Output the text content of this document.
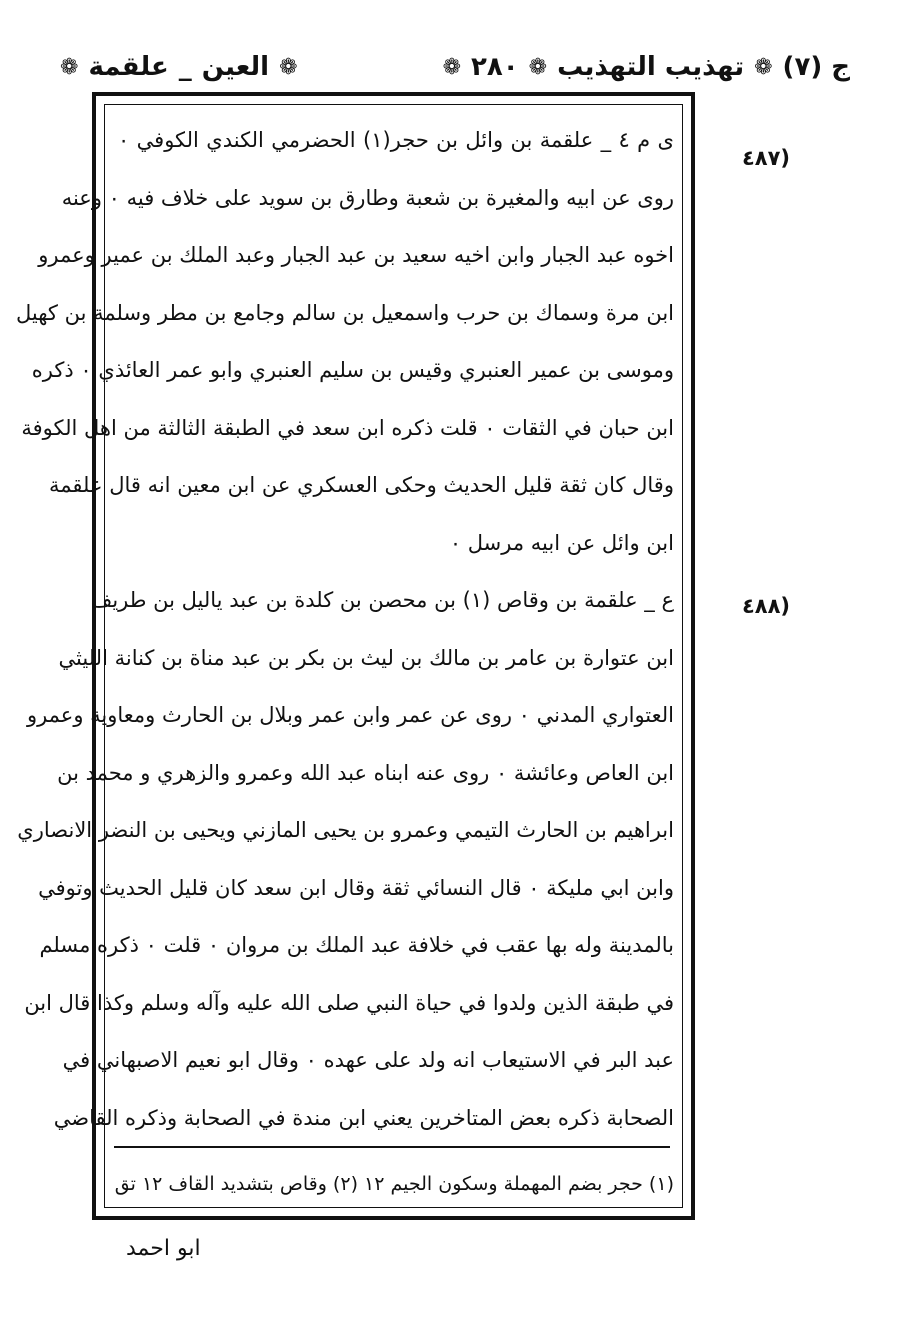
ج (٧)
❁
تهذيب التهذيب
❁
٢٨٠
❁
❁
العين
_
علقمة
❁
(٤٨٧
(٤٨٨
ى م ٤ _ علقمة بن وائل بن حجر(١) الحضرمي الكندي الكوفي ٠
روى عن ابيه والمغيرة بن شعبة وطارق بن سويد على خلاف فيه ٠ وعنه
اخوه عبد الجبار وابن اخيه سعيد بن عبد الجبار وعبد الملك بن عمير وعمرو
ابن مرة وسماك بن حرب واسمعيل بن سالم وجامع بن مطر وسلمة بن كهيل
وموسى بن عمير العنبري وقيس بن سليم العنبري وابو عمر العائذي ٠ ذكره
ابن حبان في الثقات ٠ قلت ذكره ابن سعد في الطبقة الثالثة من اهل الكوفة
وقال كان ثقة قليل الحديث وحكى العسكري عن ابن معين انه قال علقمة
ابن وائل عن ابيه مرسل ٠
ع _ علقمة بن وقاص (١) بن محصن بن كلدة بن عبد ياليل بن طريف
ابن عتوارة بن عامر بن مالك بن ليث بن بكر بن عبد مناة بن كنانة الليثي
العتواري المدني ٠ روى عن عمر وابن عمر وبلال بن الحارث ومعاوية وعمرو
ابن العاص وعائشة ٠ روى عنه ابناه عبد الله وعمرو والزهري و محمد بن
ابراهيم بن الحارث التيمي وعمرو بن يحيى المازني ويحيى بن النضر الانصاري
وابن ابي مليكة ٠ قال النسائي ثقة وقال ابن سعد كان قليل الحديث وتوفي
بالمدينة وله بها عقب في خلافة عبد الملك بن مروان ٠ قلت ٠ ذكره مسلم
في طبقة الذين ولدوا في حياة النبي صلى الله عليه وآله وسلم وكذا قال ابن
عبد البر في الاستيعاب انه ولد على عهده ٠ وقال ابو نعيم الاصبهاني في
الصحابة ذكره بعض المتاخرين يعني ابن مندة في الصحابة وذكره القاضي
(١) حجر بضم المهملة وسكون الجيم ١٢ (٢) وقاص بتشديد القاف ١٢ تق
ابو احمد
